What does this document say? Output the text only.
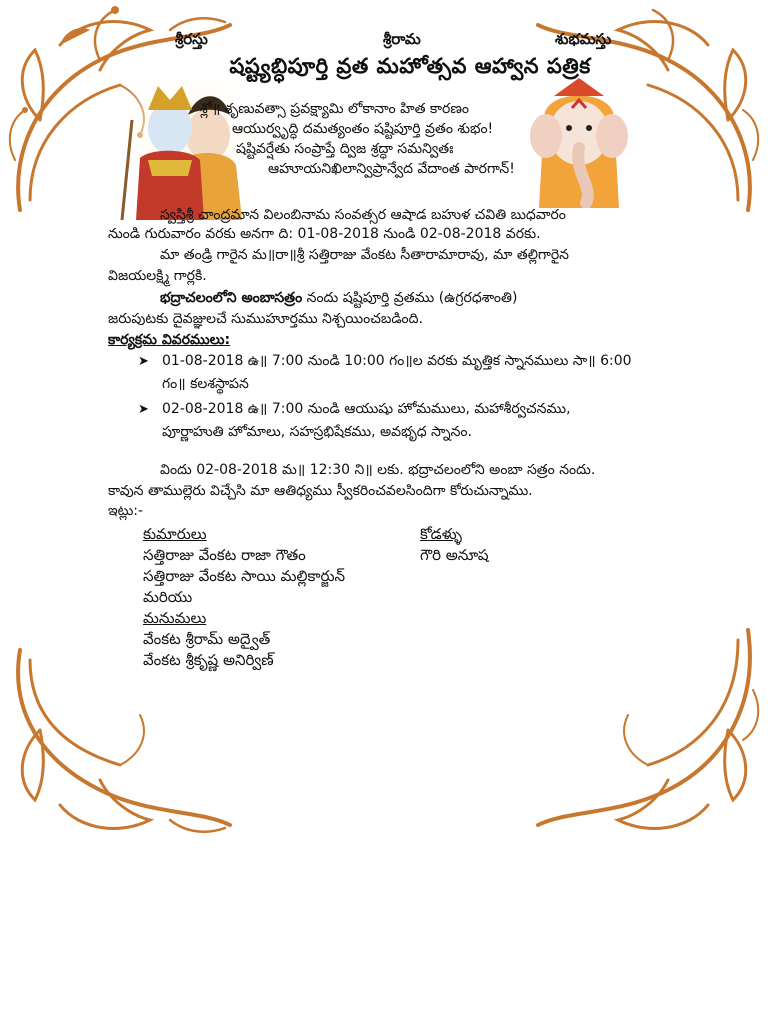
శ్రీరస్తు	శ్రీరామ	శుభమస్తు
షష్ట్యబ్ధిపూర్తి వ్రత మహోత్సవ ఆహ్వాన పత్రిక
శ్లో॥ శృణువత్సా ప్రవక్ష్యామి లోకానాం హిత కారణం
ఆయుర్వృద్ధి దమత్యంతం షష్టిపూర్తి వ్రతం శుభం!
షష్టివర్షేతు సంప్రాప్తే ద్విజ శ్రద్ధా సమన్వితః
ఆహూయనిఖిలాన్విప్రాన్వేద వేదాంత పారగాన్!
స్వస్తిశ్రీ చాంద్రమాన విలంబినామ సంవత్సర ఆషాడ బహుళ చవితి బుధవారం
నుండి గురువారం వరకు అనగా ది: 01-08-2018 నుండి 02-08-2018 వరకు.
మా తండ్రి గారైన మ॥రా॥శ్రీ సత్తిరాజు వేంకట సీతారామారావు, మా తల్లిగారైన
విజయలక్ష్మి గార్లకి.
భద్రాచలంలోని అంబాసత్రం నందు షష్టిపూర్తి వ్రతము (ఉగ్రరధశాంతి)
జరుపుటకు దైవజ్ఞులచే సుముహూర్తము నిశ్చయించబడింది.
కార్యక్రమ వివరములు:
➤ 01-08-2018 ఉ॥ 7:00 నుండి 10:00 గం॥ల వరకు మృత్తిక స్నానములు సా॥ 6:00
గం॥ కలశస్థాపన
➤ 02-08-2018 ఉ॥ 7:00 నుండి ఆయుషు హోమములు, మహాశీర్వచనము,
పూర్ణాహుతి హోమాలు, సహస్రభిషేకము, అవభృధ స్నానం.
విందు 02-08-2018 మ॥ 12:30 ని॥ లకు. భద్రాచలంలోని అంబా సత్రం నందు.
కావున తాముల్లెరు విచ్చేసి మా ఆతిధ్యము స్వీకరించవలసిందిగా కోరుచున్నాము.
ఇట్లు:-
కుమారులు
సత్తిరాజు వేంకట రాజా గౌతం
సత్తిరాజు వేంకట సాయి మల్లికార్జున్
మరియు
మనుమలు
వేంకట శ్రీరామ్ అద్వైత్
వేంకట శ్రీకృష్ణ అనిర్విణ్
కోడళ్ళు
గౌరి అనూష
